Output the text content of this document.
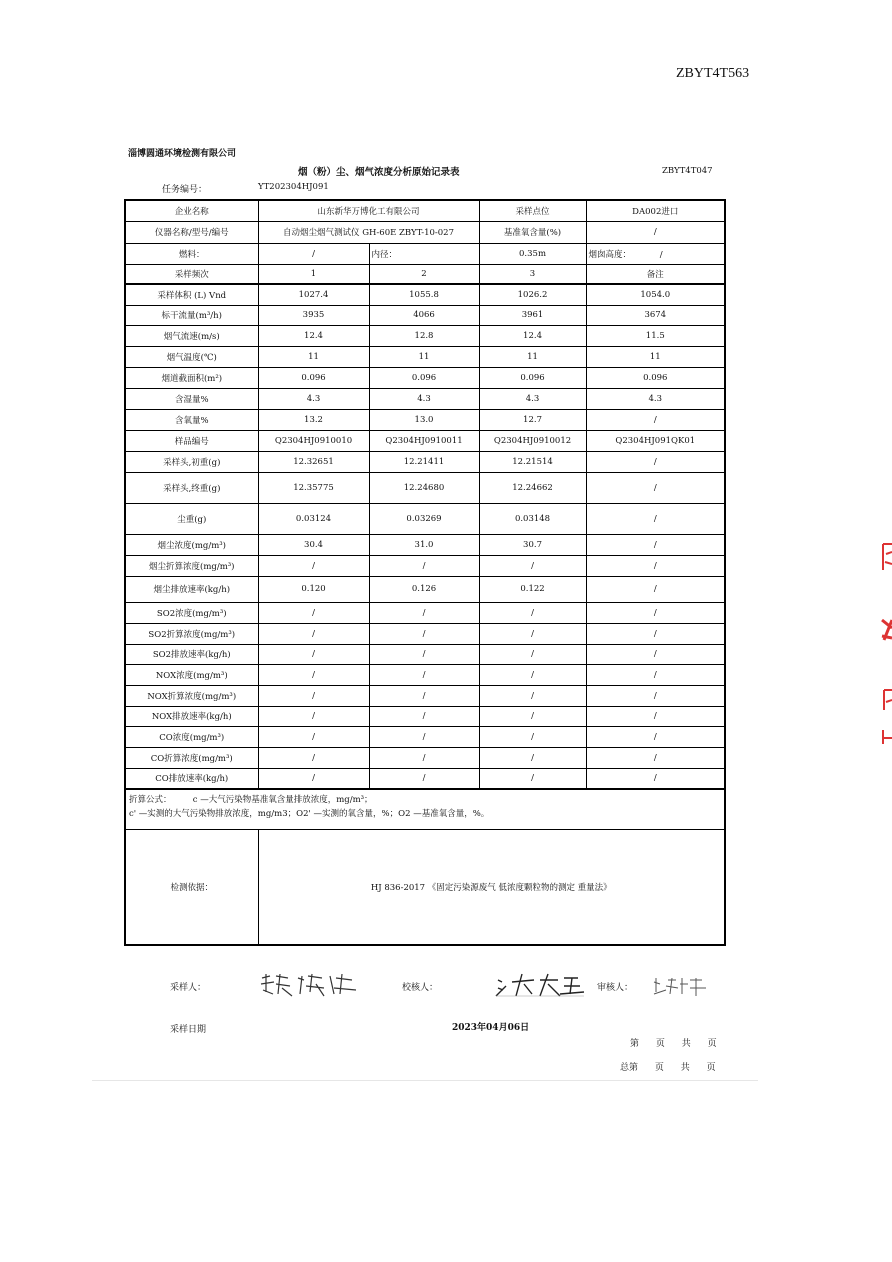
ZBYT4T563
淄博圆通环境检测有限公司
烟（粉）尘、烟气浓度分析原始记录表	ZBYT4T047
任务编号：	YT202304HJ091
企业名称	山东新华万博化工有限公司		采样点位	DA002进口
仪器名称/型号/编号	自动烟尘烟气测试仪 GH-60E ZBYT-10-027		基准氧含量(%)	/
燃料：	/	内径：	0.35m	烟囱高度： /
采样频次	1	2	3	备注
采样体积 (L) Vnd	1027.4	1055.8	1026.2	1054.0
标干流量(m³/h)	3935	4066	3961	3674
烟气流速(m/s)	12.4	12.8	12.4	11.5
烟气温度(℃)	11	11	11	11
烟道截面积(m²)	0.096	0.096	0.096	0.096
含湿量%	4.3	4.3	4.3	4.3
含氧量%	13.2	13.0	12.7	/
样品编号	Q2304HJ0910010	Q2304HJ0910011	Q2304HJ0910012	Q2304HJ091QK01
采样头,初重(g)	12.32651	12.21411	12.21514	/
采样头,终重(g)	12.35775	12.24680	12.24662	/
尘重(g)	0.03124	0.03269	0.03148	/
烟尘浓度(mg/m³)	30.4	31.0	30.7	/
烟尘折算浓度(mg/m³)	/	/	/	/
烟尘排放速率(kg/h)	0.120	0.126	0.122	/
SO2浓度(mg/m³)	/	/	/	/
SO2折算浓度(mg/m³)	/	/	/	/
SO2排放速率(kg/h)	/	/	/	/
NOX浓度(mg/m³)	/	/	/	/
NOX折算浓度(mg/m³)	/	/	/	/
NOX排放速率(kg/h)	/	/	/	/
CO浓度(mg/m³)	/	/	/	/
CO折算浓度(mg/m³)	/	/	/	/
CO排放速率(kg/h)	/	/	/	/

折算公式：　　　c —大气污染物基准氧含量排放浓度，mg/m³；
c' —实测的大气污染物排放浓度，mg/m3；O2' —实测的氧含量，%；O2 —基准氧含量，%。				

检测依据：	HJ 836-2017 《固定污染源废气 低浓度颗粒物的测定 重量法》			
采样人：	校核人：	审核人：
采样日期	2023年04月06日
第 页 共 页
总第 页 共 页
